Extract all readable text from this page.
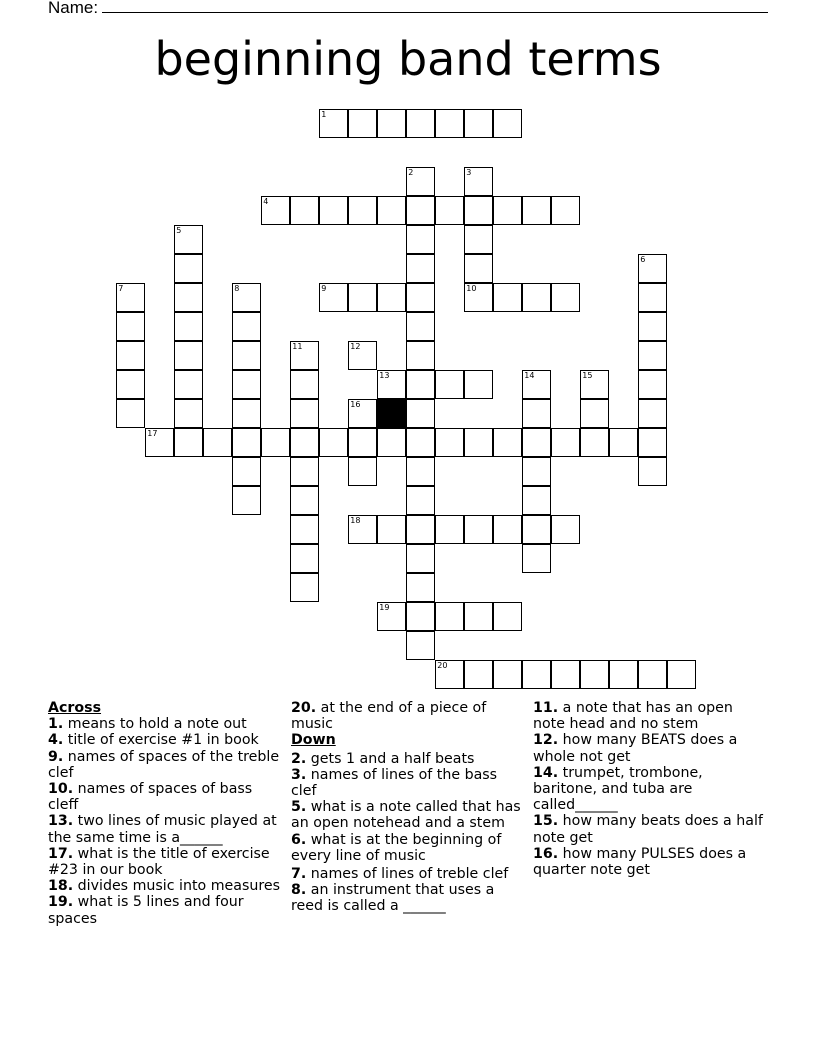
Name:
beginning band terms
1
2	3
10
4
5
6
7	8	9
11	12
13	14	15
16
17
18
19
20
Across
1. means to hold a note out
4. title of exercise #1 in book
9. names of spaces of the treble clef
10. names of spaces of bass cleff
13. two lines of music played at the same time is a______
17. what is the title of exercise #23 in our book
18. divides music into measures
19. what is 5 lines and four spaces
20. at the end of a piece of music
Down
2. gets 1 and a half beats
3. names of lines of the bass clef
5. what is a note called that has an open notehead and a stem
6. what is at the beginning of every line of music
7. names of lines of treble clef
8. an instrument that uses a reed is called a ______
11. a note that has an open note head and no stem
12. how many BEATS does a whole not get
14. trumpet, trombone, baritone, and tuba are called______
15. how many beats does a half note get
16. how many PULSES does a quarter note get
